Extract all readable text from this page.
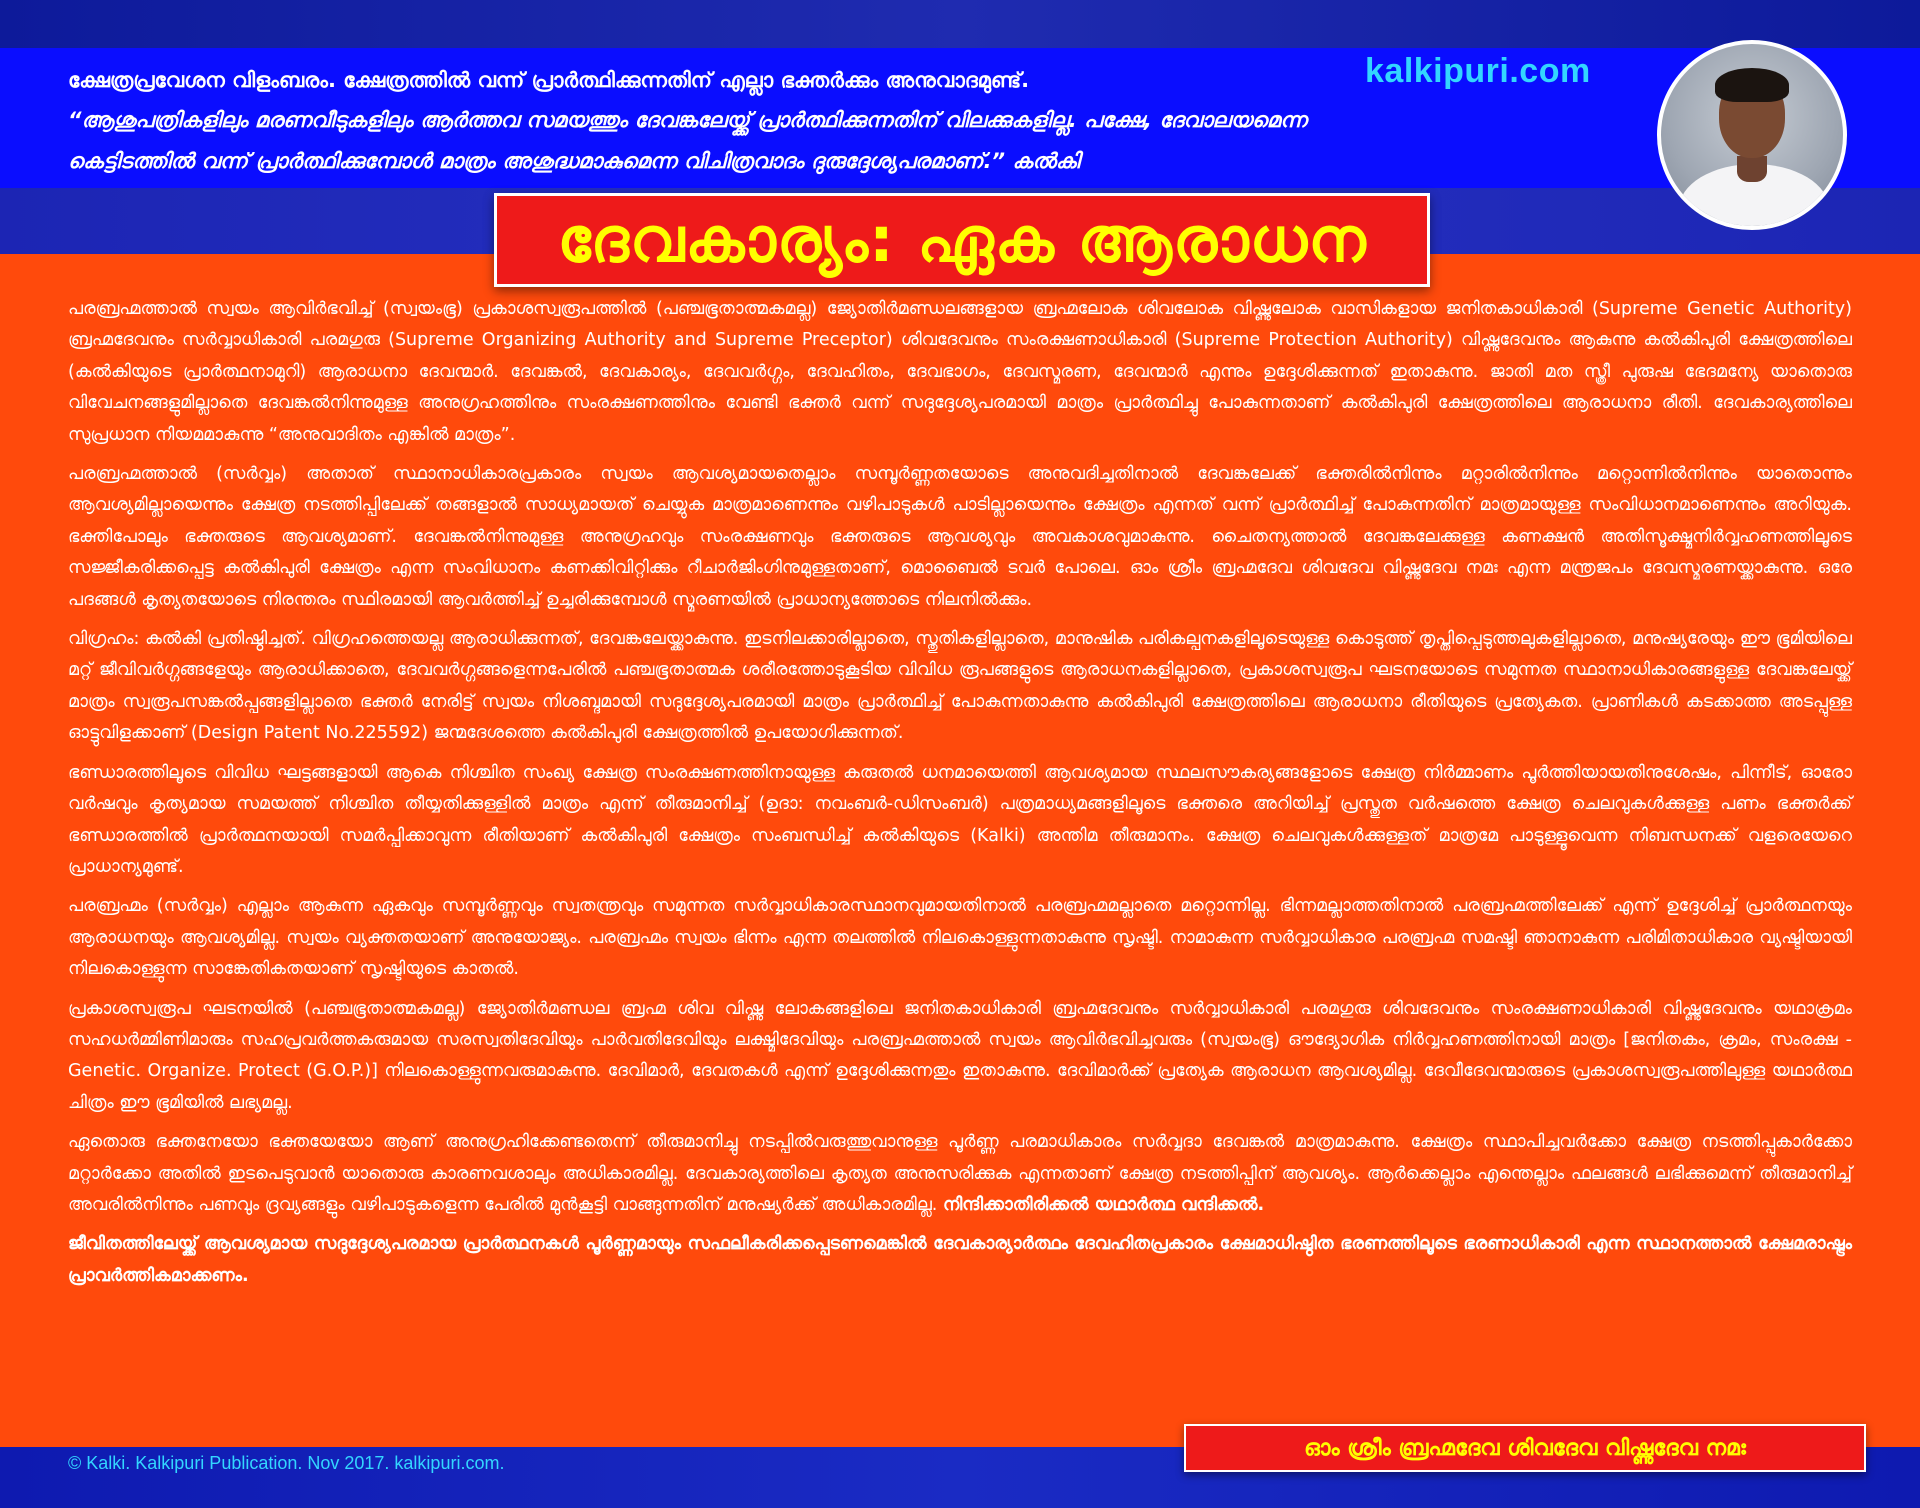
ക്ഷേത്രപ്രവേശന വിളംബരം. ക്ഷേത്രത്തിൽ വന്ന് പ്രാർത്ഥിക്കുന്നതിന് എല്ലാ ഭക്തർക്കും അനുവാദമുണ്ട്.
“ആശുപത്രികളിലും മരണവീടുകളിലും ആർത്തവ സമയത്തും ദേവങ്കലേയ്ക്ക് പ്രാർത്ഥിക്കുന്നതിന് വിലക്കുകളില്ല. പക്ഷേ, ദേവാലയമെന്ന
കെട്ടിടത്തിൽ വന്ന് പ്രാർത്ഥിക്കുമ്പോൾ മാത്രം അശുദ്ധമാകുമെന്ന വിചിത്രവാദം ദുരുദ്ദേശ്യപരമാണ്.” കൽകി
kalkipuri.com
ദേവകാര്യം: ഏക ആരാധന

പരബ്രഹ്മത്താൽ സ്വയം ആവിർഭവിച്ച് (സ്വയംഭൂ) പ്രകാശസ്വരൂപത്തിൽ (പഞ്ചഭൂതാത്മകമല്ല) ജ്യോതിർമണ്ഡലങ്ങളായ ബ്രഹ്മലോക ശിവലോക വിഷ്ണുലോക വാസികളായ ജനിതകാധികാരി (Supreme Genetic Authority) ബ്രഹ്മദേവനും സർവ്വാധികാരി പരമഗുരു (Supreme Organizing Authority and Supreme Preceptor) ശിവദേവനും സംരക്ഷണാധികാരി (Supreme Protection Authority) വിഷ്ണുദേവനും ആകുന്നു കൽകിപുരി ക്ഷേത്രത്തിലെ (കൽകിയുടെ പ്രാർത്ഥനാമുറി) ആരാധനാ ദേവന്മാർ. ദേവങ്കൽ, ദേവകാര്യം, ദേവവർഗ്ഗം, ദേവഹിതം, ദേവഭാഗം, ദേവസ്മരണ, ദേവന്മാർ എന്നും ഉദ്ദേശിക്കുന്നത് ഇതാകുന്നു. ജാതി മത സ്ത്രീ പുരുഷ ഭേദമന്യേ യാതൊരു വിവേചനങ്ങളുമില്ലാതെ ദേവങ്കൽനിന്നുമുള്ള അനുഗ്രഹത്തിനും സംരക്ഷണത്തിനും വേണ്ടി ഭക്തർ വന്ന് സദുദ്ദേശ്യപരമായി മാത്രം പ്രാർത്ഥിച്ചു പോകുന്നതാണ് കൽകിപുരി ക്ഷേത്രത്തിലെ ആരാധനാ രീതി. ദേവകാര്യത്തിലെ സുപ്രധാന നിയമമാകുന്നു “അനുവാദിതം എങ്കിൽ മാത്രം”.

പരബ്രഹ്മത്താൽ (സർവ്വം) അതാത് സ്ഥാനാധികാരപ്രകാരം സ്വയം ആവശ്യമായതെല്ലാം സമ്പൂർണ്ണതയോടെ അനുവദിച്ചതിനാൽ ദേവങ്കലേക്ക് ഭക്തരിൽനിന്നും മറ്റാരിൽനിന്നും മറ്റൊന്നിൽനിന്നും യാതൊന്നും ആവശ്യമില്ലായെന്നും ക്ഷേത്ര നടത്തിപ്പിലേക്ക് തങ്ങളാൽ സാധ്യമായത് ചെയ്യുക മാത്രമാണെന്നും വഴിപാടുകൾ പാടില്ലായെന്നും ക്ഷേത്രം എന്നത് വന്ന് പ്രാർത്ഥിച്ച് പോകുന്നതിന് മാത്രമായുള്ള സംവിധാനമാണെന്നും അറിയുക. ഭക്തിപോലും ഭക്തരുടെ ആവശ്യമാണ്. ദേവങ്കൽനിന്നുമുള്ള അനുഗ്രഹവും സംരക്ഷണവും ഭക്തരുടെ ആവശ്യവും അവകാശവുമാകുന്നു. ചൈതന്യത്താൽ ദേവങ്കലേക്കുള്ള കണക്ഷൻ അതിസൂക്ഷ്മനിർവ്വഹണത്തിലൂടെ സജ്ജീകരിക്കപ്പെട്ട കൽകിപുരി ക്ഷേത്രം എന്ന സംവിധാനം കണക്കിവിറ്റിക്കും റീചാർജിംഗിനുമുള്ളതാണ്, മൊബൈൽ ടവർ പോലെ. ഓം ശ്രീം ബ്രഹ്മദേവ ശിവദേവ വിഷ്ണുദേവ നമഃ എന്ന മന്ത്രജപം ദേവസ്മരണയ്ക്കാകുന്നു. ഒരേ പദങ്ങൾ കൃത്യതയോടെ നിരന്തരം സ്ഥിരമായി ആവർത്തിച്ച് ഉച്ചരിക്കുമ്പോൾ സ്മരണയിൽ പ്രാധാന്യത്തോടെ നിലനിൽക്കും.

വിഗ്രഹം: കൽകി പ്രതിഷ്ഠിച്ചത്. വിഗ്രഹത്തെയല്ല ആരാധിക്കുന്നത്, ദേവങ്കലേയ്ക്കാകുന്നു. ഇടനിലക്കാരില്ലാതെ, സ്തുതികളില്ലാതെ, മാനുഷിക പരികല്പനകളിലൂടെയുള്ള കൊടുത്ത് തൃപ്തിപ്പെടുത്തലുകളില്ലാതെ, മനുഷ്യരേയും ഈ ഭൂമിയിലെ മറ്റ് ജീവിവർഗ്ഗങ്ങളേയും ആരാധിക്കാതെ, ദേവവർഗ്ഗങ്ങളെന്നപേരിൽ പഞ്ചഭൂതാത്മക ശരീരത്തോടുകൂടിയ വിവിധ രൂപങ്ങളുടെ ആരാധനകളില്ലാതെ, പ്രകാശസ്വരൂപ ഘടനയോടെ സമുന്നത സ്ഥാനാധികാരങ്ങളുള്ള ദേവങ്കലേയ്ക്ക് മാത്രം സ്വരൂപസങ്കൽപ്പങ്ങളില്ലാതെ ഭക്തർ നേരിട്ട് സ്വയം നിശബ്ദമായി സദുദ്ദേശ്യപരമായി മാത്രം പ്രാർത്ഥിച്ച് പോകുന്നതാകുന്നു കൽകിപുരി ക്ഷേത്രത്തിലെ ആരാധനാ രീതിയുടെ പ്രത്യേകത. പ്രാണികൾ കടക്കാത്ത അടപ്പുള്ള ഓട്ടുവിളക്കാണ് (Design Patent No.225592) ജന്മദേശത്തെ കൽകിപുരി ക്ഷേത്രത്തിൽ ഉപയോഗിക്കുന്നത്.

ഭണ്ഡാരത്തിലൂടെ വിവിധ ഘട്ടങ്ങളായി ആകെ നിശ്ചിത സംഖ്യ ക്ഷേത്ര സംരക്ഷണത്തിനായുള്ള കരുതൽ ധനമായെത്തി ആവശ്യമായ സ്ഥലസൗകര്യങ്ങളോടെ ക്ഷേത്ര നിർമ്മാണം പൂർത്തിയായതിനുശേഷം, പിന്നീട്, ഓരോ വർഷവും കൃത്യമായ സമയത്ത് നിശ്ചിത തീയ്യതിക്കുള്ളിൽ മാത്രം എന്ന് തീരുമാനിച്ച് (ഉദാ: നവംബർ-ഡിസംബർ) പത്രമാധ്യമങ്ങളിലൂടെ ഭക്തരെ അറിയിച്ച് പ്രസ്തുത വർഷത്തെ ക്ഷേത്ര ചെലവുകൾക്കുള്ള പണം ഭക്തർക്ക് ഭണ്ഡാരത്തിൽ പ്രാർത്ഥനയായി സമർപ്പിക്കാവുന്ന രീതിയാണ് കൽകിപുരി ക്ഷേത്രം സംബന്ധിച്ച് കൽകിയുടെ (Kalki) അന്തിമ തീരുമാനം. ക്ഷേത്ര ചെലവുകൾക്കുള്ളത് മാത്രമേ പാടുള്ളൂവെന്ന നിബന്ധനക്ക് വളരെയേറെ പ്രാധാന്യമുണ്ട്.

പരബ്രഹ്മം (സർവ്വം) എല്ലാം ആകുന്ന ഏകവും സമ്പൂർണ്ണവും സ്വതന്ത്രവും സമുന്നത സർവ്വാധികാരസ്ഥാനവുമായതിനാൽ പരബ്രഹ്മമല്ലാതെ മറ്റൊന്നില്ല. ഭിന്നമല്ലാത്തതിനാൽ പരബ്രഹ്മത്തിലേക്ക് എന്ന് ഉദ്ദേശിച്ച് പ്രാർത്ഥനയും ആരാധനയും ആവശ്യമില്ല. സ്വയം വ്യക്തതയാണ് അനുയോജ്യം. പരബ്രഹ്മം സ്വയം ഭിന്നം എന്ന തലത്തിൽ നിലകൊള്ളുന്നതാകുന്നു സൃഷ്ടി. നാമാകുന്ന സർവ്വാധികാര പരബ്രഹ്മ സമഷ്ടി ഞാനാകുന്ന പരിമിതാധികാര വ്യഷ്ടിയായി നിലകൊള്ളുന്ന സാങ്കേതികതയാണ് സൃഷ്ടിയുടെ കാതൽ.

പ്രകാശസ്വരൂപ ഘടനയിൽ (പഞ്ചഭൂതാത്മകമല്ല) ജ്യോതിർമണ്ഡല ബ്രഹ്മ ശിവ വിഷ്ണു ലോകങ്ങളിലെ ജനിതകാധികാരി ബ്രഹ്മദേവനും സർവ്വാധികാരി പരമഗുരു ശിവദേവനും സംരക്ഷണാധികാരി വിഷ്ണുദേവനും യഥാക്രമം സഹധർമ്മിണിമാരും സഹപ്രവർത്തകരുമായ സരസ്വതിദേവിയും പാർവതിദേവിയും ലക്ഷ്മിദേവിയും പരബ്രഹ്മത്താൽ സ്വയം ആവിർഭവിച്ചവരും (സ്വയംഭൂ) ഔദ്യോഗിക നിർവ്വഹണത്തിനായി മാത്രം [ജനിതകം, ക്രമം, സംരക്ഷ - Genetic. Organize. Protect (G.O.P.)] നിലകൊള്ളുന്നവരുമാകുന്നു. ദേവിമാർ, ദേവതകൾ എന്ന് ഉദ്ദേശിക്കുന്നതും ഇതാകുന്നു. ദേവിമാർക്ക് പ്രത്യേക ആരാധന ആവശ്യമില്ല. ദേവീദേവന്മാരുടെ പ്രകാശസ്വരൂപത്തിലുള്ള യഥാർത്ഥ ചിത്രം ഈ ഭൂമിയിൽ ലഭ്യമല്ല.

ഏതൊരു ഭക്തനേയോ ഭക്തയേയോ ആണ് അനുഗ്രഹിക്കേണ്ടതെന്ന് തീരുമാനിച്ചു നടപ്പിൽവരുത്തുവാനുള്ള പൂർണ്ണ പരമാധികാരം സർവ്വദാ ദേവങ്കൽ മാത്രമാകുന്നു. ക്ഷേത്രം സ്ഥാപിച്ചവർക്കോ ക്ഷേത്ര നടത്തിപ്പുകാർക്കോ മറ്റാർക്കോ അതിൽ ഇടപെടുവാൻ യാതൊരു കാരണവശാലും അധികാരമില്ല. ദേവകാര്യത്തിലെ കൃത്യത അനുസരിക്കുക എന്നതാണ് ക്ഷേത്ര നടത്തിപ്പിന് ആവശ്യം. ആർക്കെല്ലാം എന്തെല്ലാം ഫലങ്ങൾ ലഭിക്കുമെന്ന് തീരുമാനിച്ച് അവരിൽനിന്നും പണവും ദ്രവ്യങ്ങളും വഴിപാടുകളെന്ന പേരിൽ മുൻകൂട്ടി വാങ്ങുന്നതിന് മനുഷ്യർക്ക് അധികാരമില്ല. നിന്ദിക്കാതിരിക്കൽ യഥാർത്ഥ വന്ദിക്കൽ.

ജീവിതത്തിലേയ്ക്ക് ആവശ്യമായ സദുദ്ദേശ്യപരമായ പ്രാർത്ഥനകൾ പൂർണ്ണമായും സഫലീകരിക്കപ്പെടണമെങ്കിൽ ദേവകാര്യാർത്ഥം ദേവഹിതപ്രകാരം ക്ഷേമാധിഷ്ഠിത ഭരണത്തിലൂടെ ഭരണാധികാരി എന്ന സ്ഥാനത്താൽ ക്ഷേമരാഷ്ട്രം പ്രാവർത്തികമാക്കണം.

© Kalki. Kalkipuri Publication. Nov 2017. kalkipuri.com.
ഓം ശ്രീം ബ്രഹ്മദേവ ശിവദേവ വിഷ്ണുദേവ നമഃ
